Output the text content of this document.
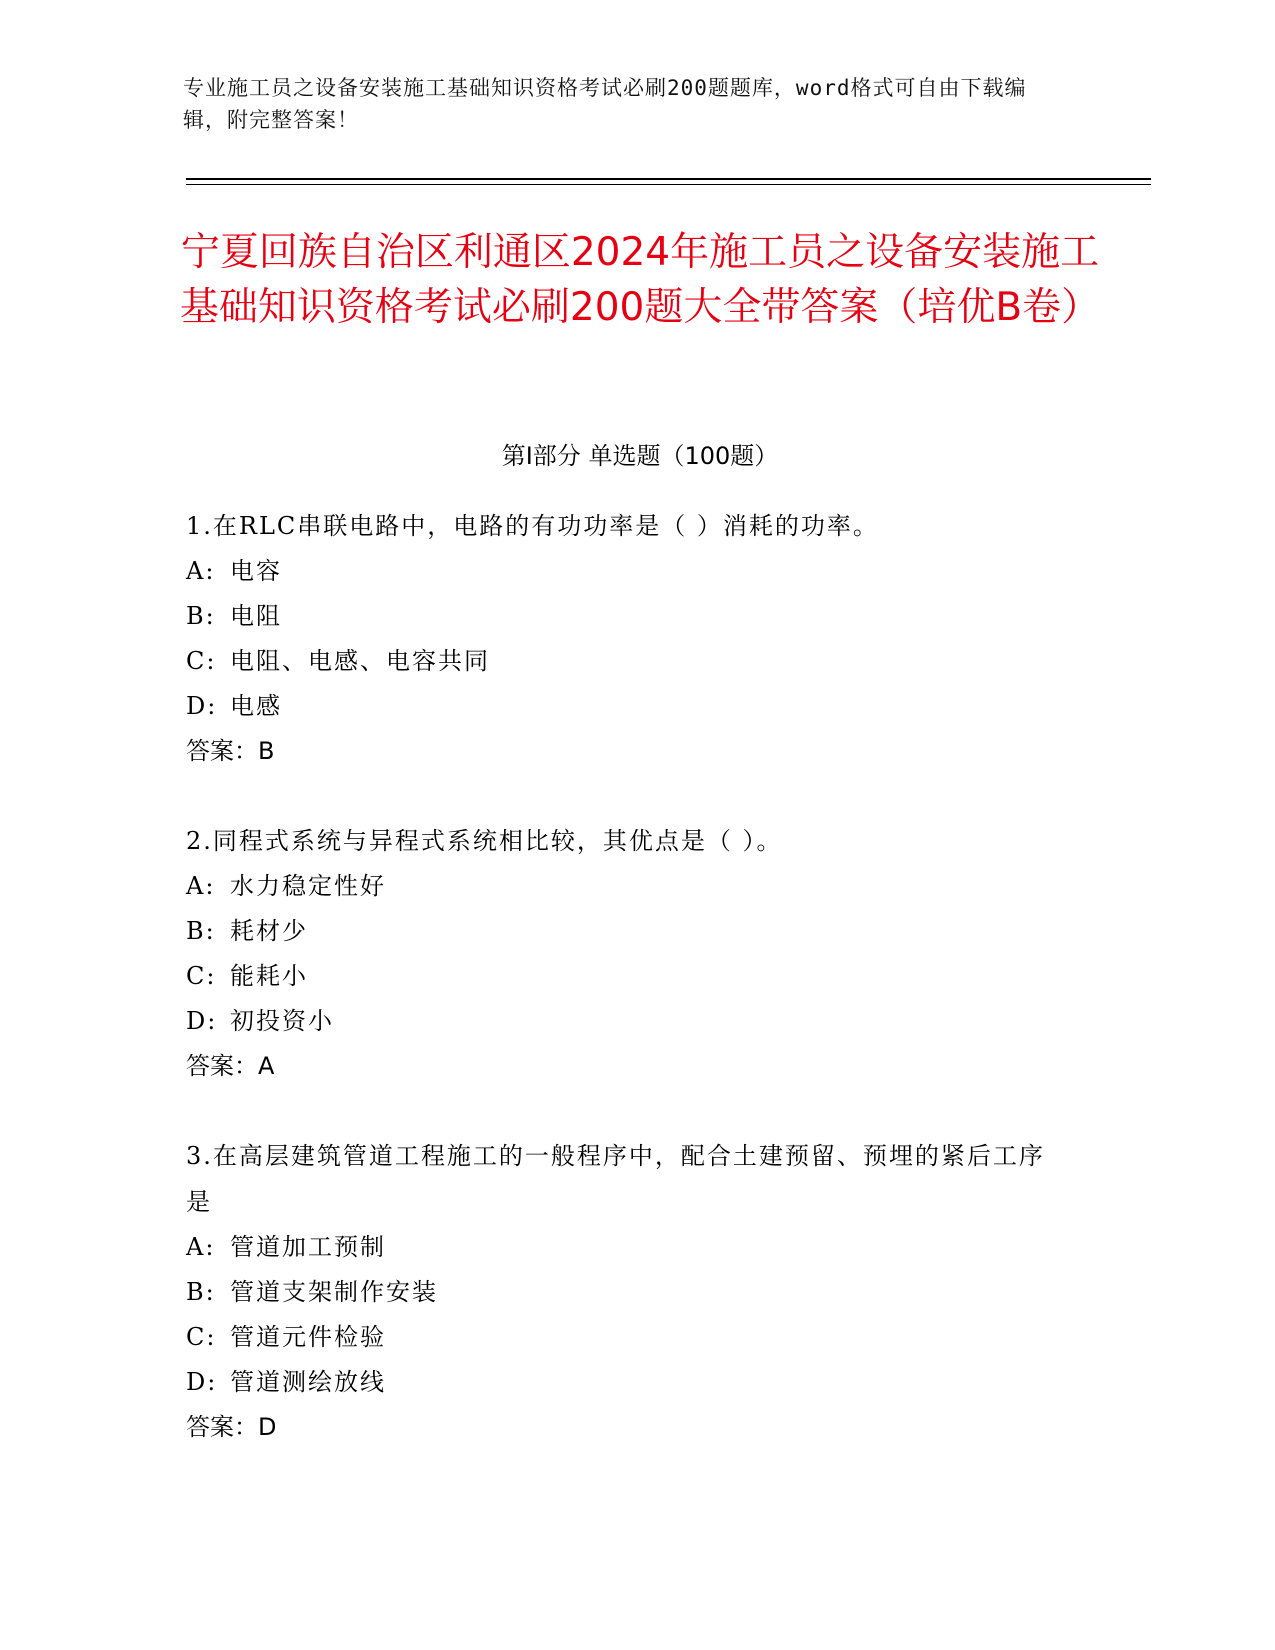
专业施工员之设备安装施工基础知识资格考试必刷200题题库，word格式可自由下载编辑，附完整答案！
宁夏回族自治区利通区2024年施工员之设备安装施工基础知识资格考试必刷200题大全带答案（培优B卷）
第Ⅰ部分 单选题（100题）

1.在RLC串联电路中，电路的有功功率是（ ）消耗的功率。

A: 电容

B: 电阻

C: 电阻、电感、电容共同

D: 电感

答案：B

2.同程式系统与异程式系统相比较，其优点是（ ）。

A: 水力稳定性好

B: 耗材少

C: 能耗小

D: 初投资小

答案：A

3.在高层建筑管道工程施工的一般程序中，配合土建预留、预埋的紧后工序是

A: 管道加工预制

B: 管道支架制作安装

C: 管道元件检验

D: 管道测绘放线

答案：D
